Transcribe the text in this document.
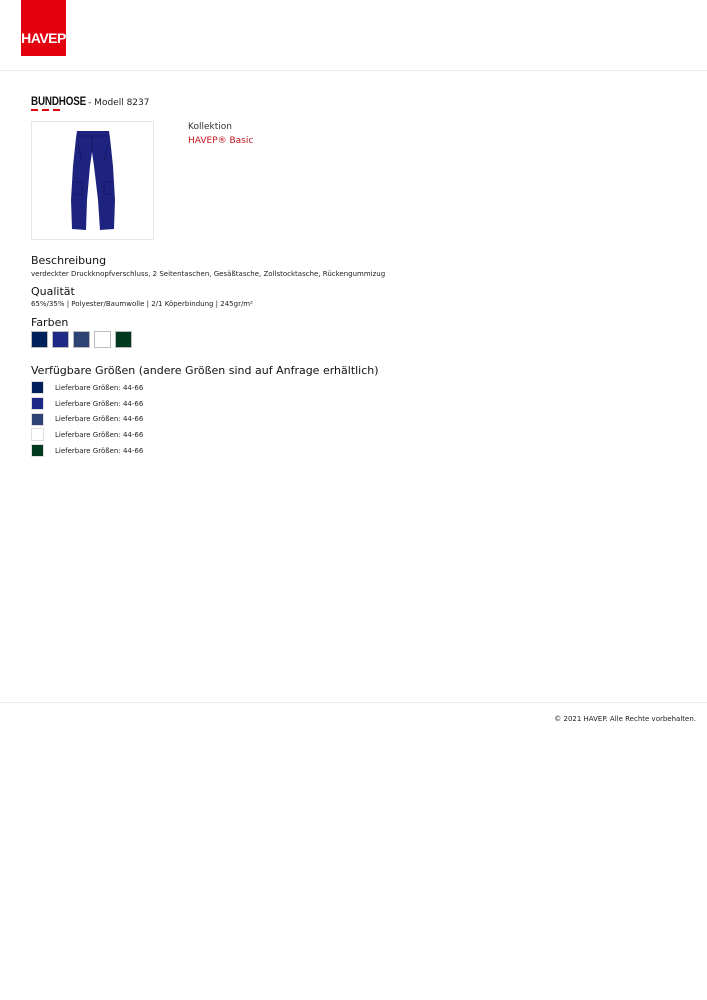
HAVEP
BUNDHOSE - Modell 8237
Kollektion
HAVEP® Basic
Beschreibung
verdeckter Druckknopfverschluss, 2 Seitentaschen, Gesäßtasche, Zollstocktasche, Rückengummizug
Qualität
65%/35% | Polyester/Baumwolle | 2/1 Köperbindung | 245gr/m²
Farben
Verfügbare Größen (andere Größen sind auf Anfrage erhältlich)
Lieferbare Größen: 44-66
Lieferbare Größen: 44-66
Lieferbare Größen: 44-66
Lieferbare Größen: 44-66
Lieferbare Größen: 44-66
© 2021 HAVEP. Alle Rechte vorbehalten.
